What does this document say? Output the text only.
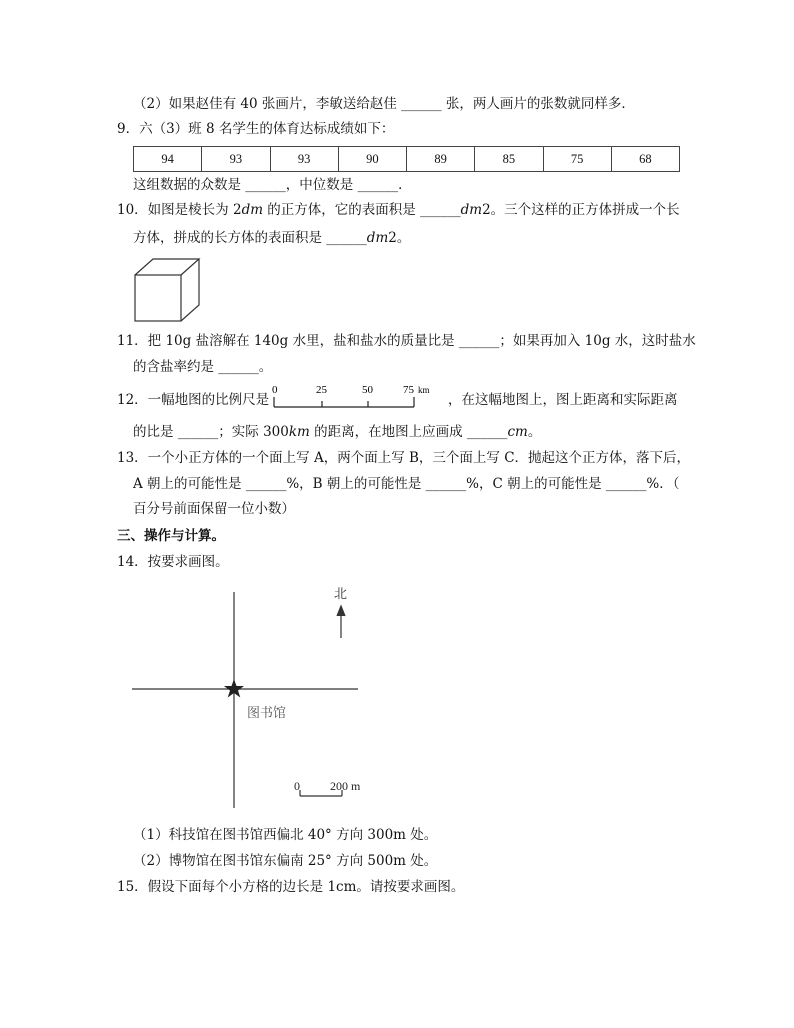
（2）如果赵佳有 40 张画片，李敏送给赵佳 ______ 张，两人画片的张数就同样多．
9．六（3）班 8 名学生的体育达标成绩如下：
94	93	93	90	89	85	75	68
这组数据的众数是 ______，中位数是 ______．
10．如图是棱长为 2dm 的正方体，它的表面积是 ______dm2。三个这样的正方体拼成一个长
方体，拼成的长方体的表面积是 ______dm2。
11．把 10g 盐溶解在 140g 水里，盐和盐水的质量比是 ______；如果再加入 10g 水，这时盐水
的含盐率约是 ______。
12．一幅地图的比例尺是
0	25	50	75 km
，在这幅地图上，图上距离和实际距离
的比是 ______；实际 300km 的距离，在地图上应画成 ______cm。
13．一个小正方体的一个面上写 A，两个面上写 B，三个面上写 C．抛起这个正方体，落下后，
A 朝上的可能性是 ______%，B 朝上的可能性是 ______%，C 朝上的可能性是 ______%．（
百分号前面保留一位小数）
三、操作与计算。
14．按要求画图。
北
图书馆
0	200 m
（1）科技馆在图书馆西偏北 40° 方向 300m 处。
（2）博物馆在图书馆东偏南 25° 方向 500m 处。
15．假设下面每个小方格的边长是 1cm。请按要求画图。
